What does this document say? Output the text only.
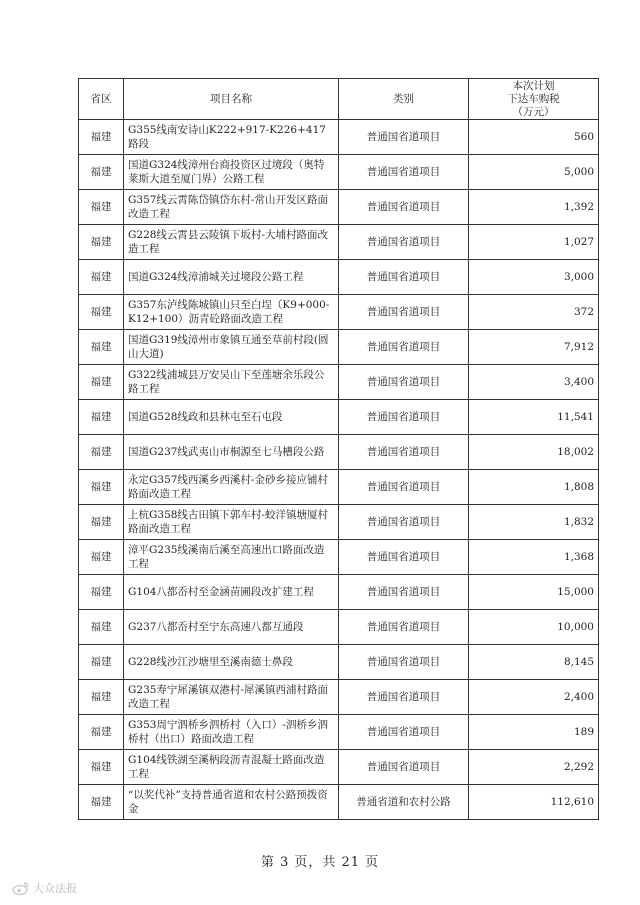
省区	项目名称	类别	本次计划
下达车购税
（万元）

福建	G355线南安诗山K222+917-K226+417路段	普通国省道项目	560
福建	国道G324线漳州台商投资区过境段（奥特莱斯大道至厦门界）公路工程	普通国省道项目	5,000
福建	G357线云霄陈岱镇岱东村-常山开发区路面改造工程	普通国省道项目	1,392
福建	G228线云霄县云陵镇下坂村-大埔村路面改造工程	普通国省道项目	1,027
福建	国道G324线漳浦城关过境段公路工程	普通国省道项目	3,000
福建	G357东泸线陈城镇山只至白埕（K9+000-K12+100）沥青砼路面改造工程	普通国省道项目	372
福建	国道G319线漳州市象镇互通至草前村段(圆山大道)	普通国省道项目	7,912
福建	G322线浦城县万安吴山下至莲塘余乐段公路工程	普通国省道项目	3,400
福建	国道G528线政和县林屯至石屯段	普通国省道项目	11,541
福建	国道G237线武夷山市桐源至七马槽段公路	普通国省道项目	18,002
福建	永定G357线西溪乡西溪村-金砂乡接应铺村路面改造工程	普通国省道项目	1,808
福建	上杭G358线古田镇下郭车村-蛟洋镇塘厦村路面改造工程	普通国省道项目	1,832
福建	漳平G235线溪南后溪至高速出口路面改造工程	普通国省道项目	1,368
福建	G104八都岙村至金涵苗圃段改扩建工程	普通国省道项目	15,000
福建	G237八都岙村至宁东高速八都互通段	普通国省道项目	10,000
福建	G228线沙江沙塘里至溪南德士鼻段	普通国省道项目	8,145
福建	G235寿宁犀溪镇双港村-犀溪镇西浦村路面改造工程	普通国省道项目	2,400
福建	G353周宁泗桥乡泗桥村（入口）-泗桥乡泗桥村（出口）路面改造工程	普通国省道项目	189
福建	G104线铁湖至溪柄段沥青混凝土路面改造工程	普通国省道项目	2,292
福建	“以奖代补”支持普通省道和农村公路预拨资金	普通省道和农村公路	112,610
第 3 页，共 21 页
大众法报
